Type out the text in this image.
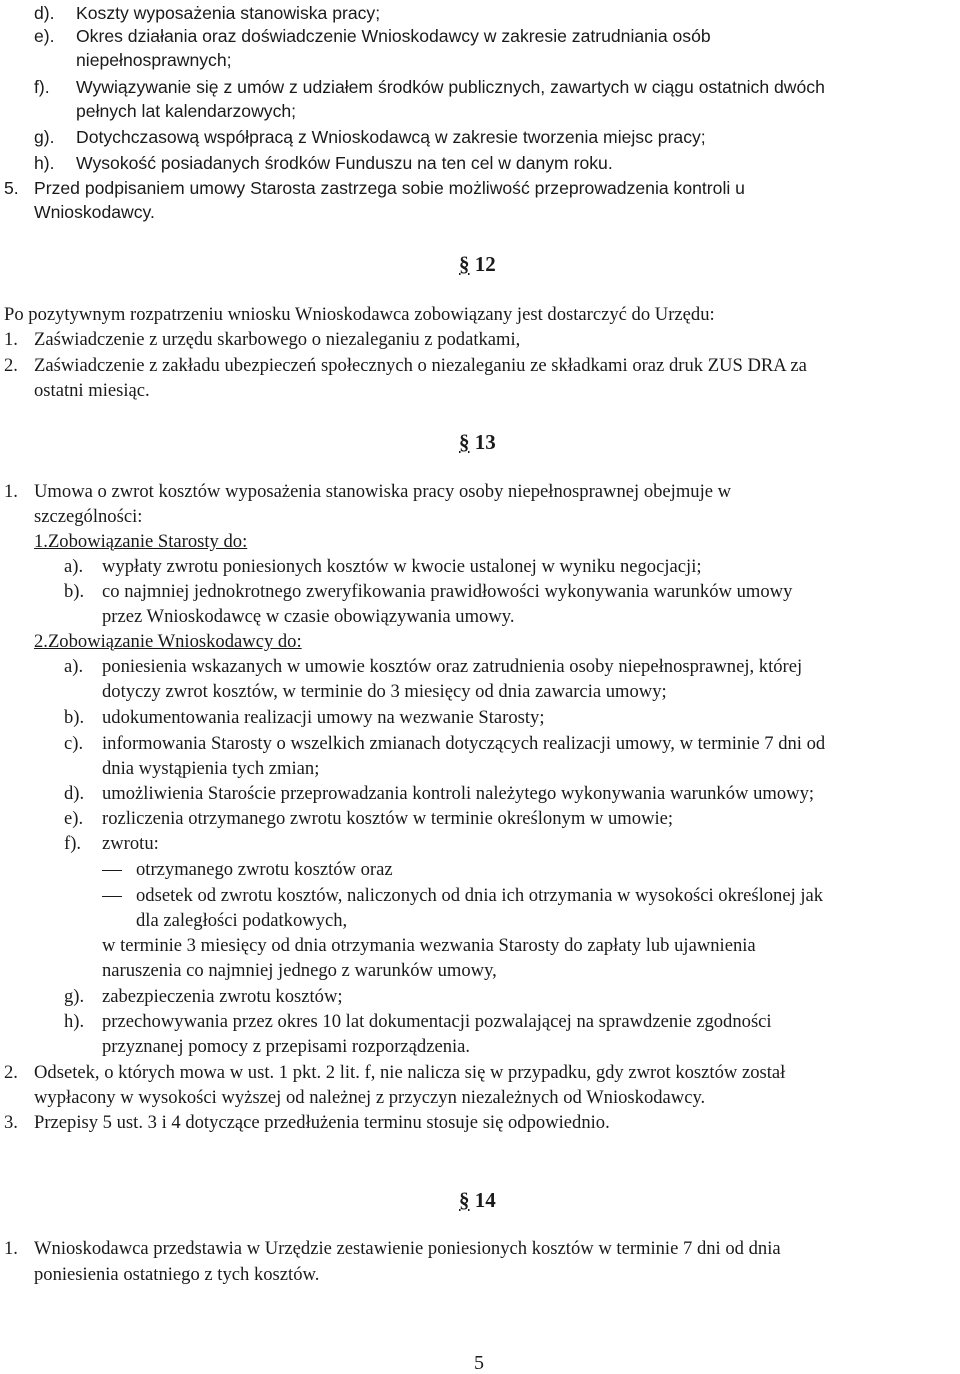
d). Koszty wyposażenia stanowiska pracy;
e). Okres działania oraz doświadczenie Wnioskodawcy w zakresie zatrudniania osób
niepełnosprawnych;
f). Wywiązywanie się z umów z udziałem środków publicznych, zawartych w ciągu ostatnich dwóch
pełnych lat kalendarzowych;
g). Dotychczasową współpracą z Wnioskodawcą w zakresie tworzenia miejsc pracy;
h). Wysokość posiadanych środków Funduszu na ten cel w danym roku.
5. Przed podpisaniem umowy Starosta zastrzega sobie możliwość przeprowadzenia kontroli u
Wnioskodawcy.
§ 12
Po pozytywnym rozpatrzeniu wniosku Wnioskodawca zobowiązany jest dostarczyć do Urzędu:
1. Zaświadczenie z urzędu skarbowego o niezaleganiu z podatkami,
2. Zaświadczenie z zakładu ubezpieczeń społecznych o niezaleganiu ze składkami oraz druk ZUS DRA za
ostatni miesiąc.
§ 13
1. Umowa o zwrot kosztów wyposażenia stanowiska pracy osoby niepełnosprawnej obejmuje w
szczególności:
1.Zobowiązanie Starosty do:
a). wypłaty zwrotu poniesionych kosztów w kwocie ustalonej w wyniku negocjacji;
b). co najmniej jednokrotnego zweryfikowania prawidłowości wykonywania warunków umowy
przez Wnioskodawcę w czasie obowiązywania umowy.
2.Zobowiązanie Wnioskodawcy do:
a). poniesienia wskazanych w umowie kosztów oraz zatrudnienia osoby niepełnosprawnej, której
dotyczy zwrot kosztów, w terminie do 3 miesięcy od dnia zawarcia umowy;
b). udokumentowania realizacji umowy na wezwanie Starosty;
c). informowania Starosty o wszelkich zmianach dotyczących realizacji umowy, w terminie 7 dni od
dnia wystąpienia tych zmian;
d). umożliwienia Staroście przeprowadzania kontroli należytego wykonywania warunków umowy;
e). rozliczenia otrzymanego zwrotu kosztów w terminie określonym w umowie;
f). zwrotu:
otrzymanego zwrotu kosztów oraz
odsetek od zwrotu kosztów, naliczonych od dnia ich otrzymania w wysokości określonej jak
dla zaległości podatkowych,
w terminie 3 miesięcy od dnia otrzymania wezwania Starosty do zapłaty lub ujawnienia
naruszenia co najmniej jednego z warunków umowy,
g). zabezpieczenia zwrotu kosztów;
h). przechowywania przez okres 10 lat dokumentacji pozwalającej na sprawdzenie zgodności
przyznanej pomocy z przepisami rozporządzenia.
2. Odsetek, o których mowa w ust. 1 pkt. 2 lit. f, nie nalicza się w przypadku, gdy zwrot kosztów został
wypłacony w wysokości wyższej od należnej z przyczyn niezależnych od Wnioskodawcy.
3. Przepisy 5 ust. 3 i 4 dotyczące przedłużenia terminu stosuje się odpowiednio.
§ 14
1. Wnioskodawca przedstawia w Urzędzie zestawienie poniesionych kosztów w terminie 7 dni od dnia
poniesienia ostatniego z tych kosztów.
5
